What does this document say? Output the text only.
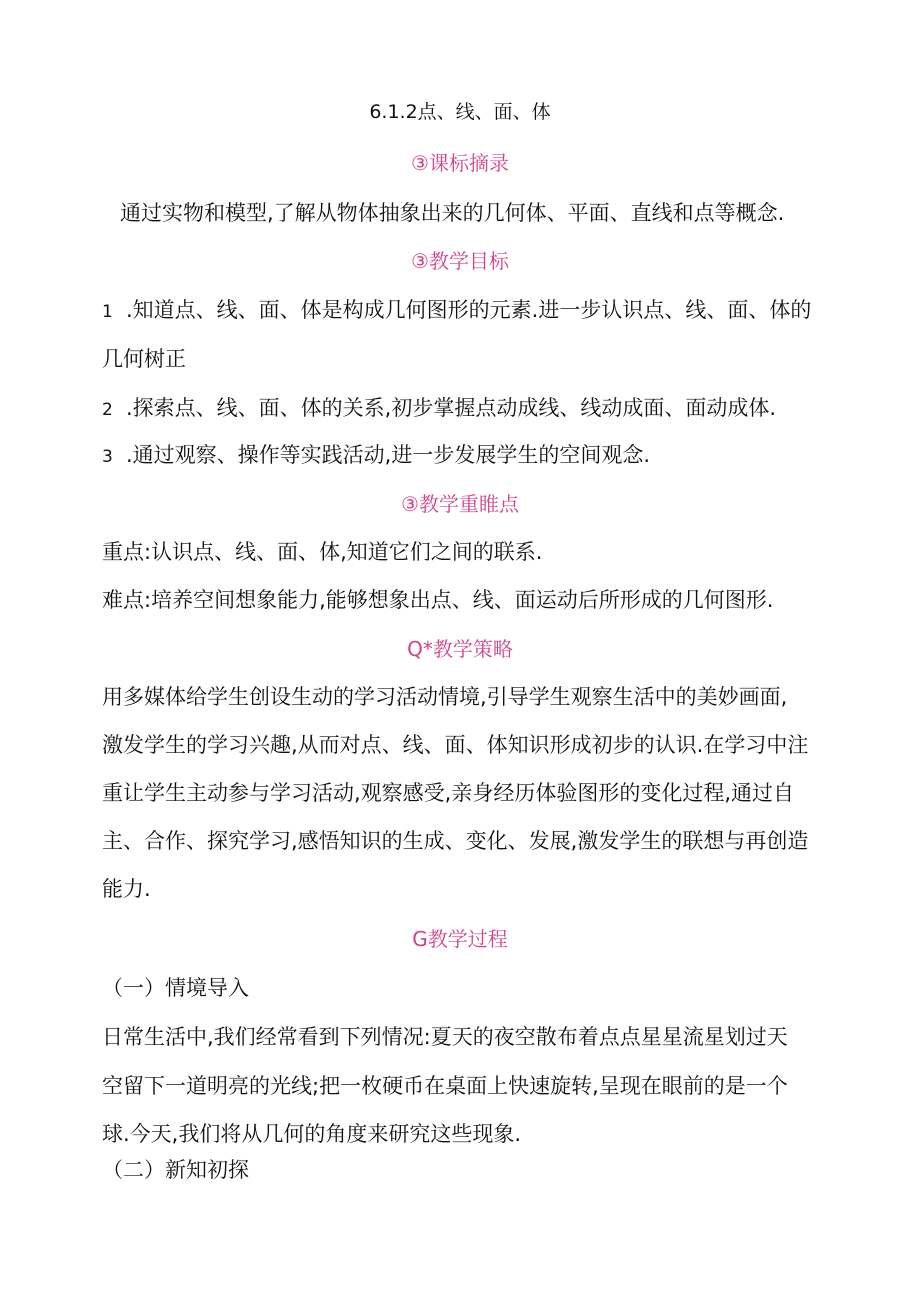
6.1.2点、线、面、体
③课标摘录
通过实物和模型,了解从物体抽象出来的几何体、平面、直线和点等概念.
③教学目标
1 .知道点、线、面、体是构成几何图形的元素.进一步认识点、线、面、体的
几何树正
2 .探索点、线、面、体的关系,初步掌握点动成线、线动成面、面动成体.
3 .通过观察、操作等实践活动,进一步发展学生的空间观念.
③教学重睢点
重点:认识点、线、面、体,知道它们之间的联系.
难点:培养空间想象能力,能够想象出点、线、面运动后所形成的几何图形.
Q*教学策略
用多媒体给学生创设生动的学习活动情境,引导学生观察生活中的美妙画面,
激发学生的学习兴趣,从而对点、线、面、体知识形成初步的认识.在学习中注
重让学生主动参与学习活动,观察感受,亲身经历体验图形的变化过程,通过自
主、合作、探究学习,感悟知识的生成、变化、发展,激发学生的联想与再创造
能力.
G教学过程
（一）情境导入
日常生活中,我们经常看到下列情况:夏天的夜空散布着点点星星流星划过天
空留下一道明亮的光线;把一枚硬币在桌面上快速旋转,呈现在眼前的是一个
球.今天,我们将从几何的角度来研究这些现象.
（二）新知初探
